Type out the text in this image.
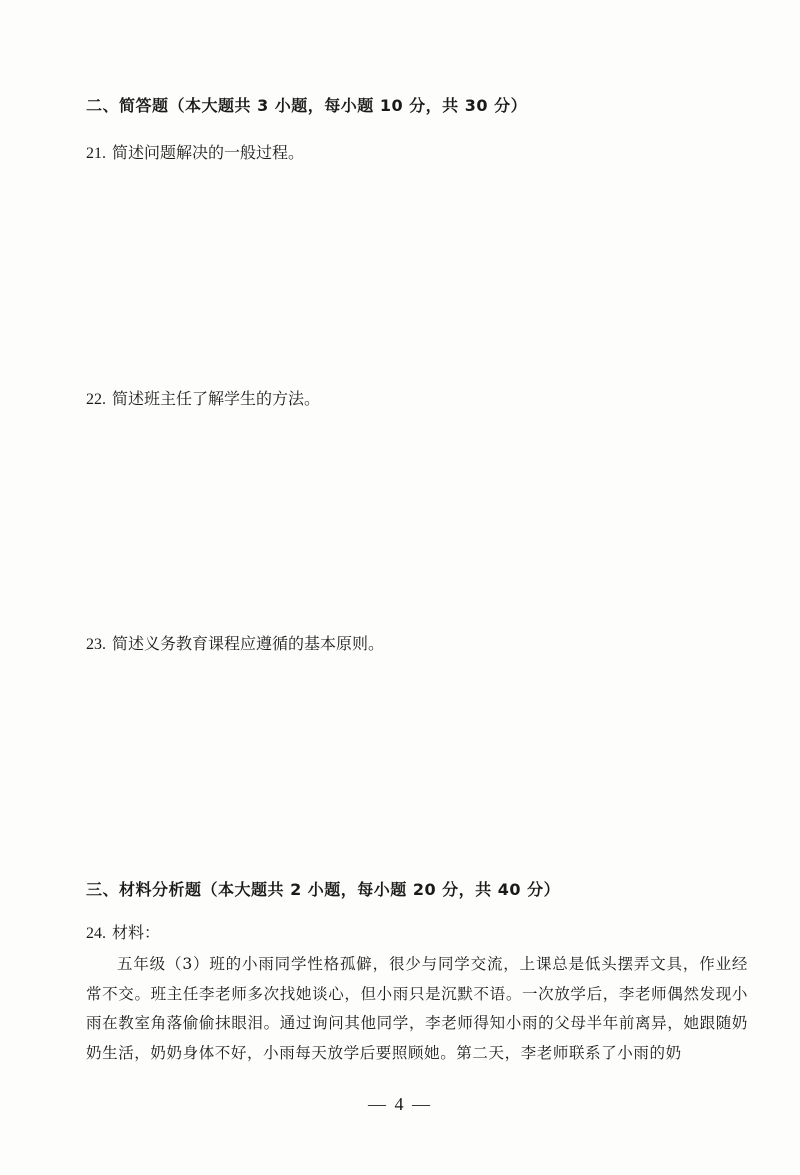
二、简答题（本大题共 3 小题，每小题 10 分，共 30 分）
21. 简述问题解决的一般过程。
22. 简述班主任了解学生的方法。
23. 简述义务教育课程应遵循的基本原则。
三、材料分析题（本大题共 2 小题，每小题 20 分，共 40 分）
24. 材料：
五年级（3）班的小雨同学性格孤僻，很少与同学交流，上课总是低头摆弄文具，作业经常不交。班主任李老师多次找她谈心，但小雨只是沉默不语。一次放学后，李老师偶然发现小雨在教室角落偷偷抹眼泪。通过询问其他同学，李老师得知小雨的父母半年前离异，她跟随奶奶生活，奶奶身体不好，小雨每天放学后要照顾她。第二天，李老师联系了小雨的奶
— 4 —
